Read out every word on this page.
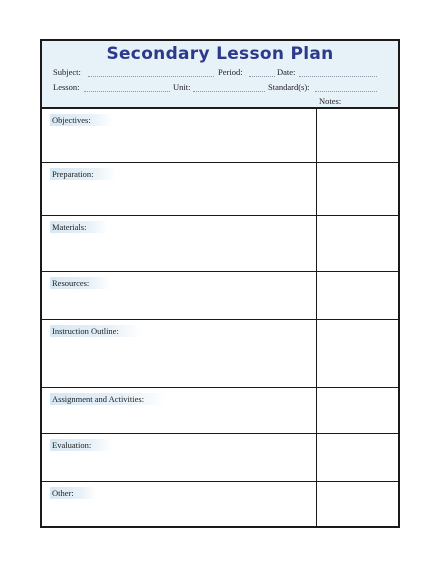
Secondary Lesson Plan
Subject:	Period:	Date:
Lesson:	Unit:	Standard(s):
Notes:
Objectives:
Preparation:
Materials:
Resources:
Instruction Outline:
Assignment and Activities:
Evaluation:
Other:
